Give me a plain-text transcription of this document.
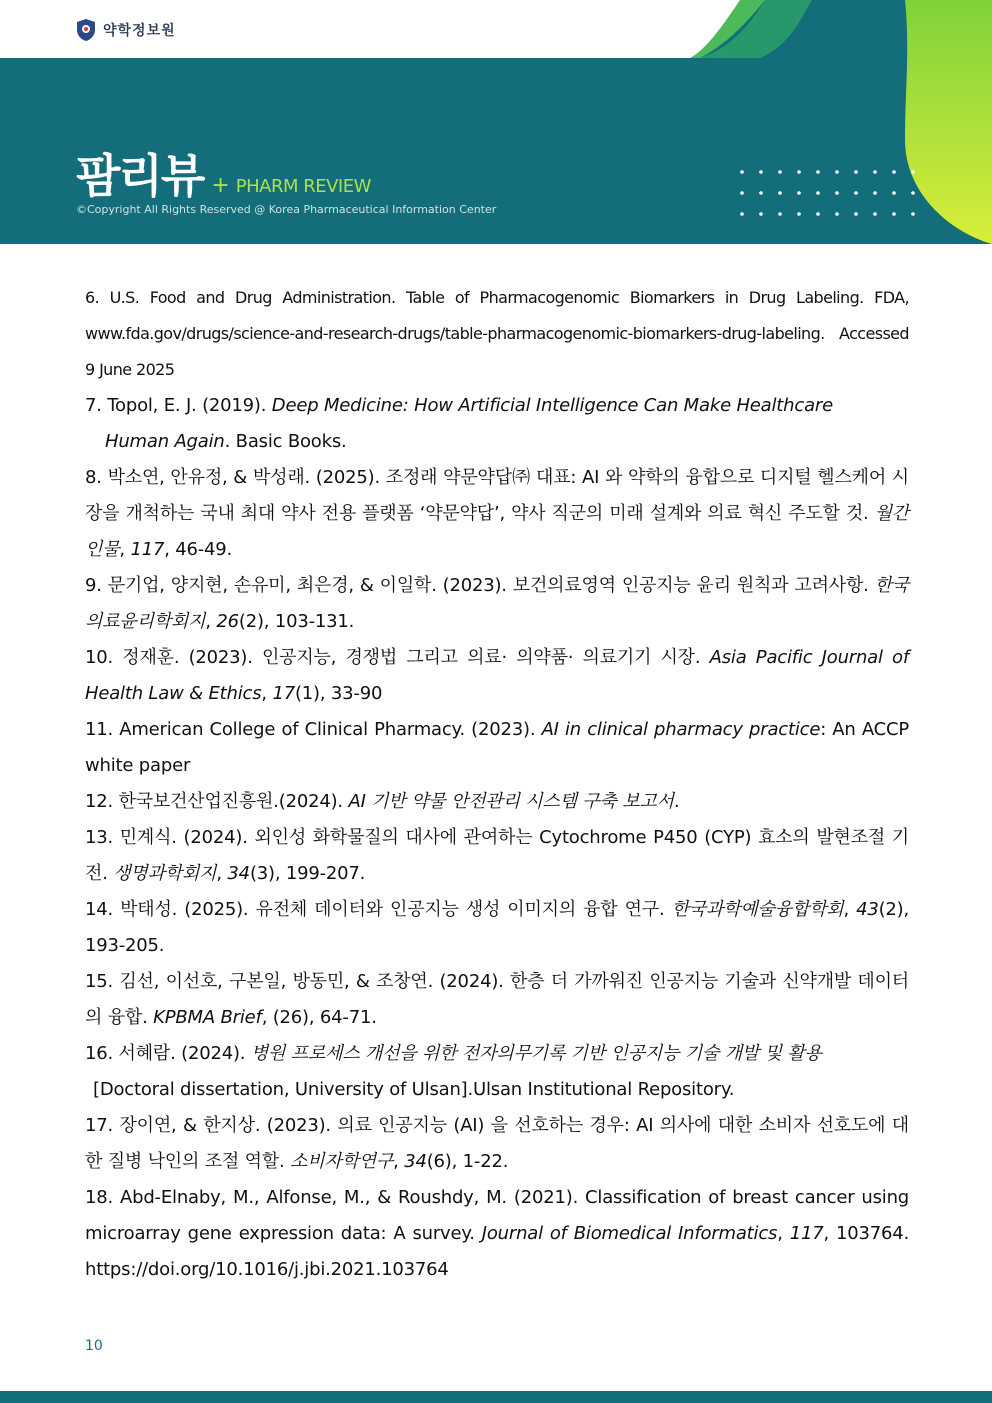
약학정보원
팜리뷰 + PHARM REVIEW
©Copyright All Rights Reserved @ Korea Pharmaceutical Information Center
6. U.S. Food and Drug Administration. Table of Pharmacogenomic Biomarkers in Drug Labeling. FDA, www.fda.gov/drugs/science-and-research-drugs/table-pharmacogenomic-biomarkers-drug-labeling. Accessed 9 June 2025
7. Topol, E. J. (2019). Deep Medicine: How Artificial Intelligence Can Make Healthcare
Human Again. Basic Books.
8. 박소연, 안유정, & 박성래. (2025). 조정래 약문약답㈜ 대표: AI 와 약학의 융합으로 디지털 헬스케어 시장을 개척하는 국내 최대 약사 전용 플랫폼 ‘약문약답’, 약사 직군의 미래 설계와 의료 혁신 주도할 것. 월간인물, 117, 46-49.
9. 문기업, 양지현, 손유미, 최은경, & 이일학. (2023). 보건의료영역 인공지능 윤리 원칙과 고려사항. 한국의료윤리학회지, 26(2), 103-131.
10. 정재훈. (2023). 인공지능, 경쟁법 그리고 의료· 의약품· 의료기기 시장. Asia Pacific Journal of Health Law & Ethics, 17(1), 33-90
11. American College of Clinical Pharmacy. (2023). AI in clinical pharmacy practice: An ACCP white paper
12. 한국보건산업진흥원.(2024). AI 기반 약물 안전관리 시스템 구축 보고서.
13. 민계식. (2024). 외인성 화학물질의 대사에 관여하는 Cytochrome P450 (CYP) 효소의 발현조절 기전. 생명과학회지, 34(3), 199-207.
14. 박태성. (2025). 유전체 데이터와 인공지능 생성 이미지의 융합 연구. 한국과학예술융합학회, 43(2), 193-205.
15. 김선, 이선호, 구본일, 방동민, & 조창연. (2024). 한층 더 가까워진 인공지능 기술과 신약개발 데이터의 융합. KPBMA Brief, (26), 64-71.
16. 서혜람. (2024). 병원 프로세스 개선을 위한 전자의무기록 기반 인공지능 기술 개발 및 활용
[Doctoral dissertation, University of Ulsan].Ulsan Institutional Repository.
17. 장이연, & 한지상. (2023). 의료 인공지능 (AI) 을 선호하는 경우: AI 의사에 대한 소비자 선호도에 대한 질병 낙인의 조절 역할. 소비자학연구, 34(6), 1-22.
18. Abd-Elnaby, M., Alfonse, M., & Roushdy, M. (2021). Classification of breast cancer using microarray gene expression data: A survey. Journal of Biomedical Informatics, 117, 103764. https://doi.org/10.1016/j.jbi.2021.103764
10
